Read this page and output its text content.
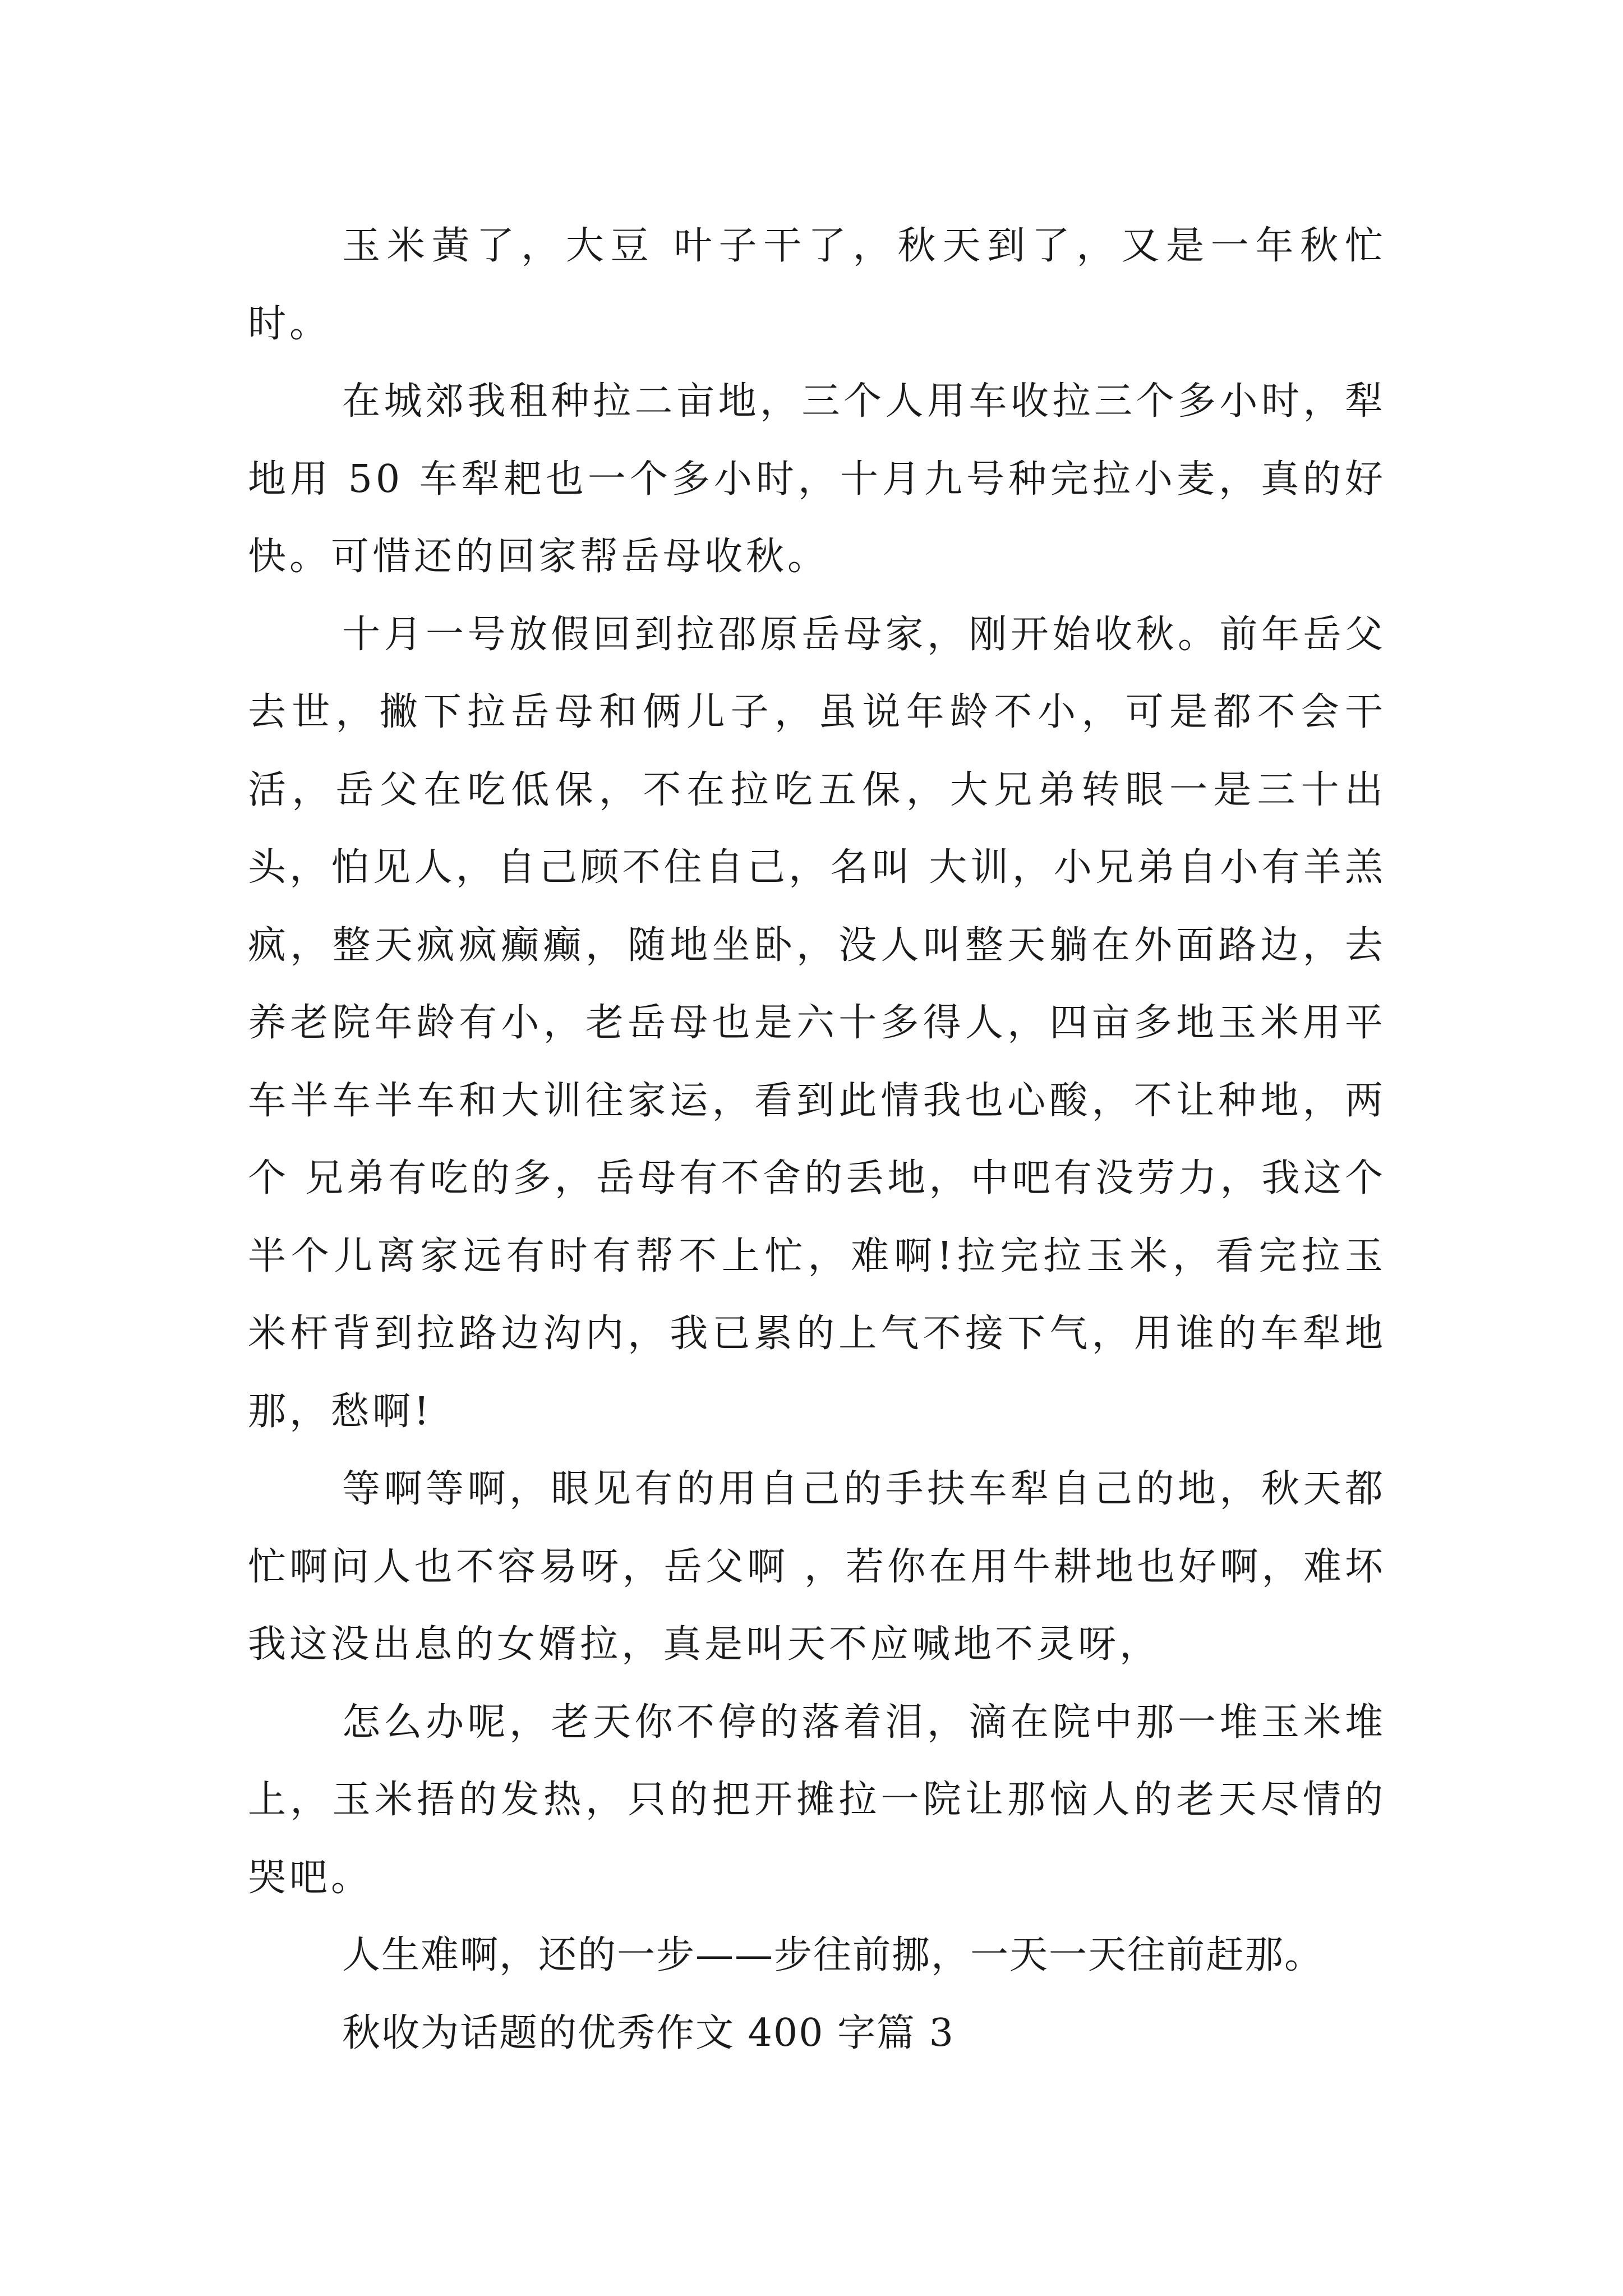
玉米黃了，大豆 叶子干了，秋天到了，又是一年秋忙时。

在城郊我租种拉二亩地，三个人用车收拉三个多小时，犁地用 50 车犁耙也一个多小时，十月九号种完拉小麦，真的好快。可惜还的回家帮岳母收秋。

十月一号放假回到拉邵原岳母家，刚开始收秋。前年岳父去世，撇下拉岳母和俩儿子，虽说年龄不小，可是都不会干活，岳父在吃低保，不在拉吃五保，大兄弟转眼一是三十出头，怕见人，自己顾不住自己，名叫 大训，小兄弟自小有羊羔疯，整天疯疯癫癫，随地坐卧，没人叫整天躺在外面路边，去养老院年龄有小，老岳母也是六十多得人，四亩多地玉米用平车半车半车和大训往家运，看到此情我也心酸，不让种地，两个 兄弟有吃的多，岳母有不舍的丢地，中吧有没劳力，我这个半个儿离家远有时有帮不上忙，难啊!拉完拉玉米，看完拉玉米杆背到拉路边沟内，我已累的上气不接下气，用谁的车犁地那，愁啊!

等啊等啊，眼见有的用自己的手扶车犁自己的地，秋天都忙啊问人也不容易呀，岳父啊 ，若你在用牛耕地也好啊，难坏我这没出息的女婿拉，真是叫天不应喊地不灵呀，

怎么办呢，老天你不停的落着泪，滴在院中那一堆玉米堆上，玉米捂的发热，只的把开摊拉一院让那恼人的老天尽情的哭吧。

人生难啊，还的一步——步往前挪，一天一天往前赶那。

秋收为话题的优秀作文 400 字篇 3
